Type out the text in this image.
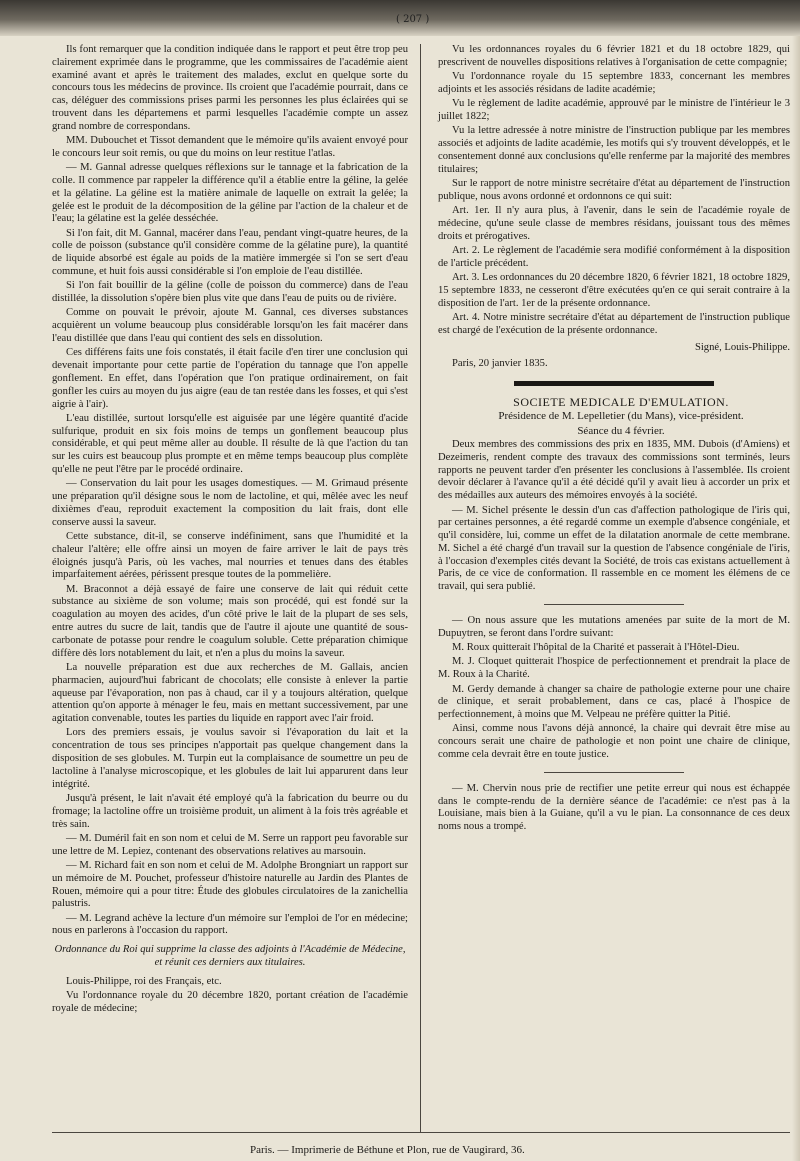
( 207 )

Ils font remarquer que la condition indiquée dans le rapport et peut être trop peu clairement exprimée dans le programme, que les commissaires de l'académie aient examiné avant et après le traitement des malades, exclut en quelque sorte du concours tous les médecins de province. Ils croient que l'académie pourrait, dans ce cas, déléguer des commissions prises parmi les personnes les plus éclairées qui se trouvent dans les départemens et parmi lesquelles l'académie compte un assez grand nombre de correspondans.

MM. Dubouchet et Tissot demandent que le mémoire qu'ils avaient envoyé pour le concours leur soit remis, ou que du moins on leur restitue l'atlas.

— M. Gannal adresse quelques réflexions sur le tannage et la fabrication de la colle. Il commence par rappeler la différence qu'il a établie entre la géline, la gelée et la gélatine. La géline est la matière animale de laquelle on extrait la gelée; la gelée est le produit de la décomposition de la géline par l'action de la chaleur et de l'eau; la gélatine est la gelée desséchée.

Si l'on fait, dit M. Gannal, macérer dans l'eau, pendant vingt-quatre heures, de la colle de poisson (substance qu'il considère comme de la gélatine pure), la quantité de liquide absorbé est égale au poids de la matière immergée si l'on se sert d'eau commune, et huit fois aussi considérable si l'on emploie de l'eau distillée.

Si l'on fait bouillir de la géline (colle de poisson du commerce) dans de l'eau distillée, la dissolution s'opère bien plus vite que dans l'eau de puits ou de rivière.

Comme on pouvait le prévoir, ajoute M. Gannal, ces diverses substances acquièrent un volume beaucoup plus considérable lorsqu'on les fait macérer dans l'eau distillée que dans l'eau qui contient des sels en dissolution.

Ces différens faits une fois constatés, il était facile d'en tirer une conclusion qui devenait importante pour cette partie de l'opération du tannage que l'on appelle gonflement. En effet, dans l'opération que l'on pratique ordinairement, on fait gonfler les cuirs au moyen du jus aigre (eau de tan restée dans les fosses, et qui s'est aigrie à l'air).

L'eau distillée, surtout lorsqu'elle est aiguisée par une légère quantité d'acide sulfurique, produit en six fois moins de temps un gonflement beaucoup plus considérable, et qui peut même aller au double. Il résulte de là que l'action du tan sur les cuirs est beaucoup plus prompte et en même temps beaucoup plus complète qu'elle ne peut l'être par le procédé ordinaire.

— Conservation du lait pour les usages domestiques. — M. Grimaud présente une préparation qu'il désigne sous le nom de lactoline, et qui, mêlée avec les neuf dixièmes d'eau, reproduit exactement la composition du lait frais, dont elle conserve aussi la saveur.

Cette substance, dit-il, se conserve indéfiniment, sans que l'humidité et la chaleur l'altère; elle offre ainsi un moyen de faire arriver le lait de pays très éloignés jusqu'à Paris, où les vaches, mal nourries et tenues dans des étables imparfaitement aérées, périssent presque toutes de la pommelière.

M. Braconnot a déjà essayé de faire une conserve de lait qui réduit cette substance au sixième de son volume; mais son procédé, qui est fondé sur la coagulation au moyen des acides, d'un côté prive le lait de la plupart de ses sels, entre autres du sucre de lait, tandis que de l'autre il ajoute une quantité de sous-carbonate de potasse pour rendre le coagulum soluble. Cette préparation chimique diffère dès lors notablement du lait, et n'en a plus du moins la saveur.

La nouvelle préparation est due aux recherches de M. Gallais, ancien pharmacien, aujourd'hui fabricant de chocolats; elle consiste à enlever la partie aqueuse par l'évaporation, non pas à chaud, car il y a toujours altération, quelque attention qu'on apporte à ménager le feu, mais en mettant successivement, par une agitation convenable, toutes les parties du liquide en rapport avec l'air froid.

Lors des premiers essais, je voulus savoir si l'évaporation du lait et la concentration de tous ses principes n'apportait pas quelque changement dans la disposition de ses globules. M. Turpin eut la complaisance de soumettre un peu de lactoline à l'analyse microscopique, et les globules de lait lui apparurent dans leur intégrité.

Jusqu'à présent, le lait n'avait été employé qu'à la fabrication du beurre ou du fromage; la lactoline offre un troisième produit, un aliment à la fois très agréable et très sain.

— M. Duméril fait en son nom et celui de M. Serre un rapport peu favorable sur une lettre de M. Lepiez, contenant des observations relatives au marsouin.

— M. Richard fait en son nom et celui de M. Adolphe Brongniart un rapport sur un mémoire de M. Pouchet, professeur d'histoire naturelle au Jardin des Plantes de Rouen, mémoire qui a pour titre: Étude des globules circulatoires de la zanichellia palustris.

— M. Legrand achève la lecture d'un mémoire sur l'emploi de l'or en médecine; nous en parlerons à l'occasion du rapport.

Ordonnance du Roi qui supprime la classe des adjoints à l'Académie de Médecine, et réunit ces derniers aux titulaires.

Louis-Philippe, roi des Français, etc.

Vu l'ordonnance royale du 20 décembre 1820, portant création de l'académie royale de médecine;

Vu les ordonnances royales du 6 février 1821 et du 18 octobre 1829, qui prescrivent de nouvelles dispositions relatives à l'organisation de cette compagnie;

Vu l'ordonnance royale du 15 septembre 1833, concernant les membres adjoints et les associés résidans de ladite académie;

Vu le règlement de ladite académie, approuvé par le ministre de l'intérieur le 3 juillet 1822;

Vu la lettre adressée à notre ministre de l'instruction publique par les membres associés et adjoints de ladite académie, les motifs qui s'y trouvent développés, et le consentement donné aux conclusions qu'elle renferme par la majorité des membres titulaires;

Sur le rapport de notre ministre secrétaire d'état au département de l'instruction publique, nous avons ordonné et ordonnons ce qui suit:

Art. 1er. Il n'y aura plus, à l'avenir, dans le sein de l'académie royale de médecine, qu'une seule classe de membres résidans, jouissant tous des mêmes droits et prérogatives.

Art. 2. Le règlement de l'académie sera modifié conformément à la disposition de l'article précédent.

Art. 3. Les ordonnances du 20 décembre 1820, 6 février 1821, 18 octobre 1829, 15 septembre 1833, ne cesseront d'être exécutées qu'en ce qui serait contraire à la disposition de l'art. 1er de la présente ordonnance.

Art. 4. Notre ministre secrétaire d'état au département de l'instruction publique est chargé de l'exécution de la présente ordonnance.

Signé, Louis-Philippe.

Paris, 20 janvier 1835.

SOCIETE MEDICALE D'EMULATION.

Présidence de M. Lepelletier (du Mans), vice-président.

Séance du 4 février.

Deux membres des commissions des prix en 1835, MM. Dubois (d'Amiens) et Dezeimeris, rendent compte des travaux des commissions sont terminés, leurs rapports ne peuvent tarder d'en présenter les conclusions à l'assemblée. Ils croient devoir déclarer à l'avance qu'il a été décidé qu'il y avait lieu à accorder un prix et des médailles aux auteurs des mémoires envoyés à la société.

— M. Sichel présente le dessin d'un cas d'affection pathologique de l'iris qui, par certaines personnes, a été regardé comme un exemple d'absence congéniale, et qu'il considère, lui, comme un effet de la dilatation anormale de cette membrane. M. Sichel a été chargé d'un travail sur la question de l'absence congéniale de l'iris, à l'occasion d'exemples cités devant la Société, de trois cas existans actuellement à Paris, de ce vice de conformation. Il rassemble en ce moment les élémens de ce travail, qui sera publié.

— On nous assure que les mutations amenées par suite de la mort de M. Dupuytren, se feront dans l'ordre suivant:

M. Roux quitterait l'hôpital de la Charité et passerait à l'Hôtel-Dieu.

M. J. Cloquet quitterait l'hospice de perfectionnement et prendrait la place de M. Roux à la Charité.

M. Gerdy demande à changer sa chaire de pathologie externe pour une chaire de clinique, et serait probablement, dans ce cas, placé à l'hospice de perfectionnement, à moins que M. Velpeau ne préfère quitter la Pitié.

Ainsi, comme nous l'avons déjà annoncé, la chaire qui devrait être mise au concours serait une chaire de pathologie et non point une chaire de clinique, comme cela devrait être en toute justice.

— M. Chervin nous prie de rectifier une petite erreur qui nous est échappée dans le compte-rendu de la dernière séance de l'académie: ce n'est pas à la Louisiane, mais bien à la Guiane, qu'il a vu le pian. La consonnance de ces deux noms nous a trompé.

Paris. — Imprimerie de Béthune et Plon, rue de Vaugirard, 36.
